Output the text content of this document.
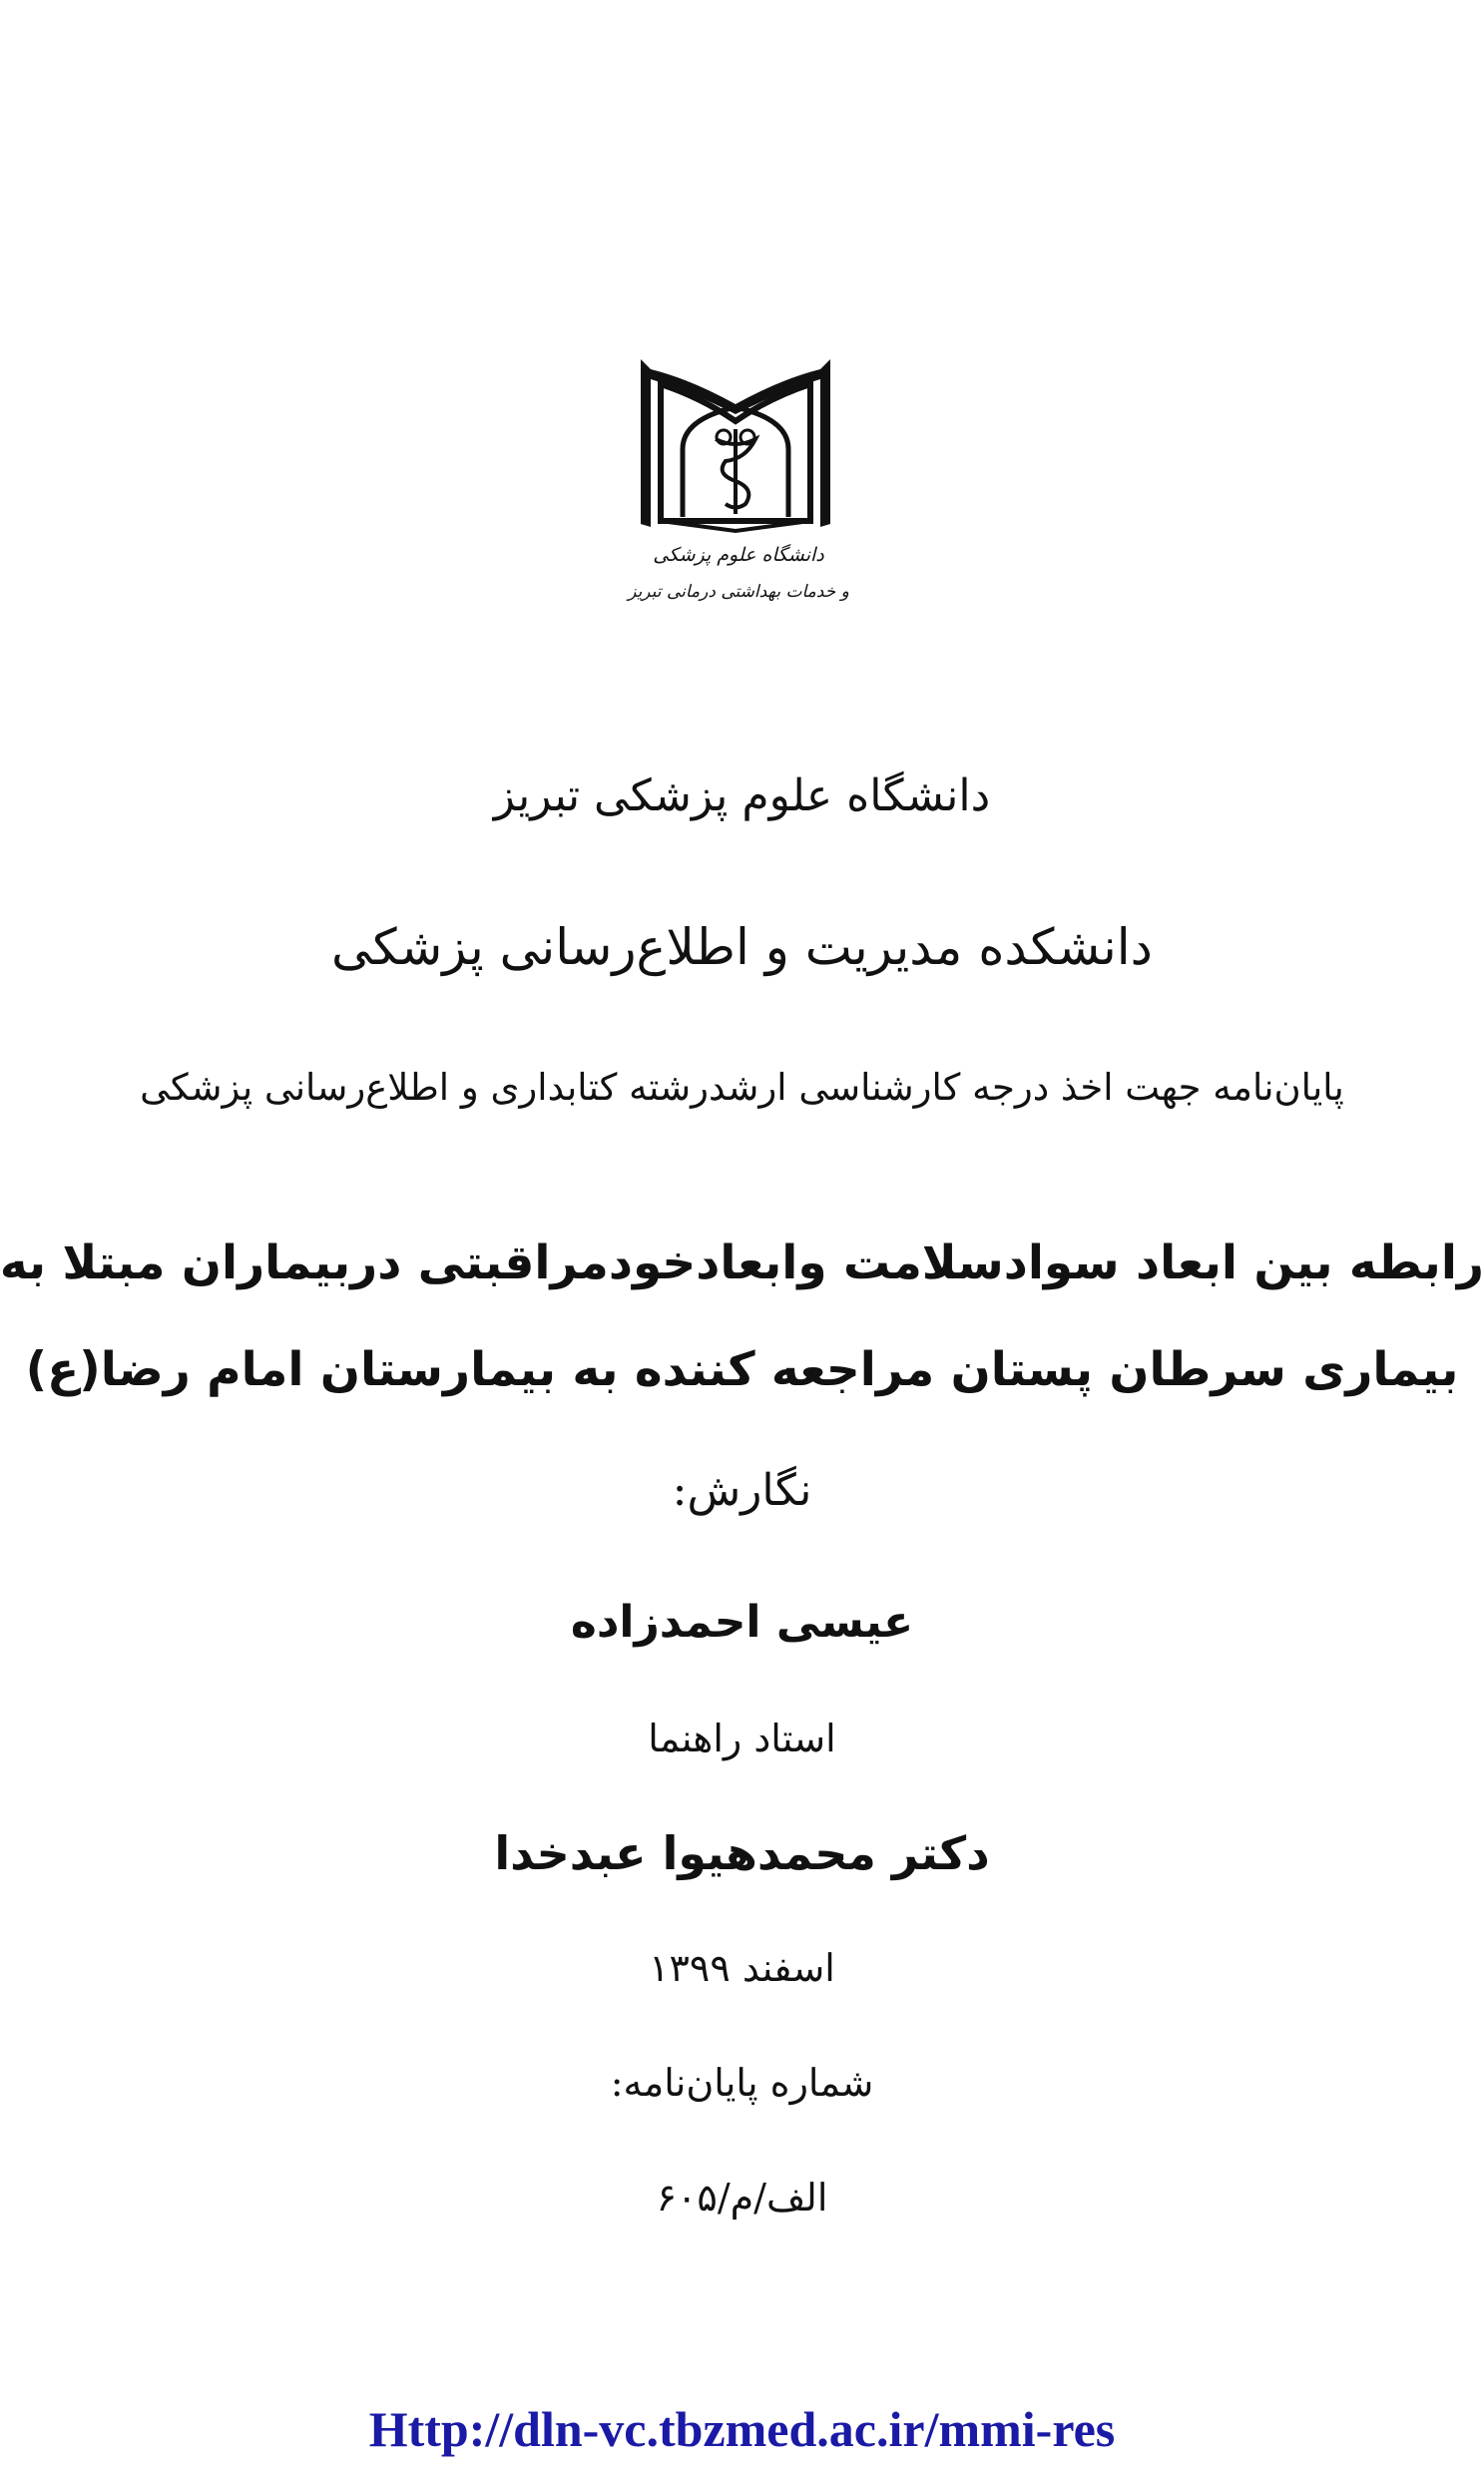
دانشگاه علوم پزشکی
و خدمات بهداشتی درمانی تبریز
دانشگاه علوم پزشکی تبریز
دانشکده مدیریت و اطلاع‌رسانی پزشکی
پایان‌نامه جهت اخذ درجه کارشناسی ارشدرشته کتابداری و اطلاع‌رسانی پزشکی
رابطه بین ابعاد سوادسلامت وابعادخودمراقبتی دربیماران مبتلا به
بیماری سرطان پستان مراجعه کننده به بیمارستان امام رضا(ع)
نگارش:
عیسی احمدزاده
استاد راهنما
دکتر محمدهیوا عبدخدا
اسفند ۱۳۹۹
شماره پایان‌نامه:
الف/م/۶۰۵
Http://dln-vc.tbzmed.ac.ir/mmi-res
